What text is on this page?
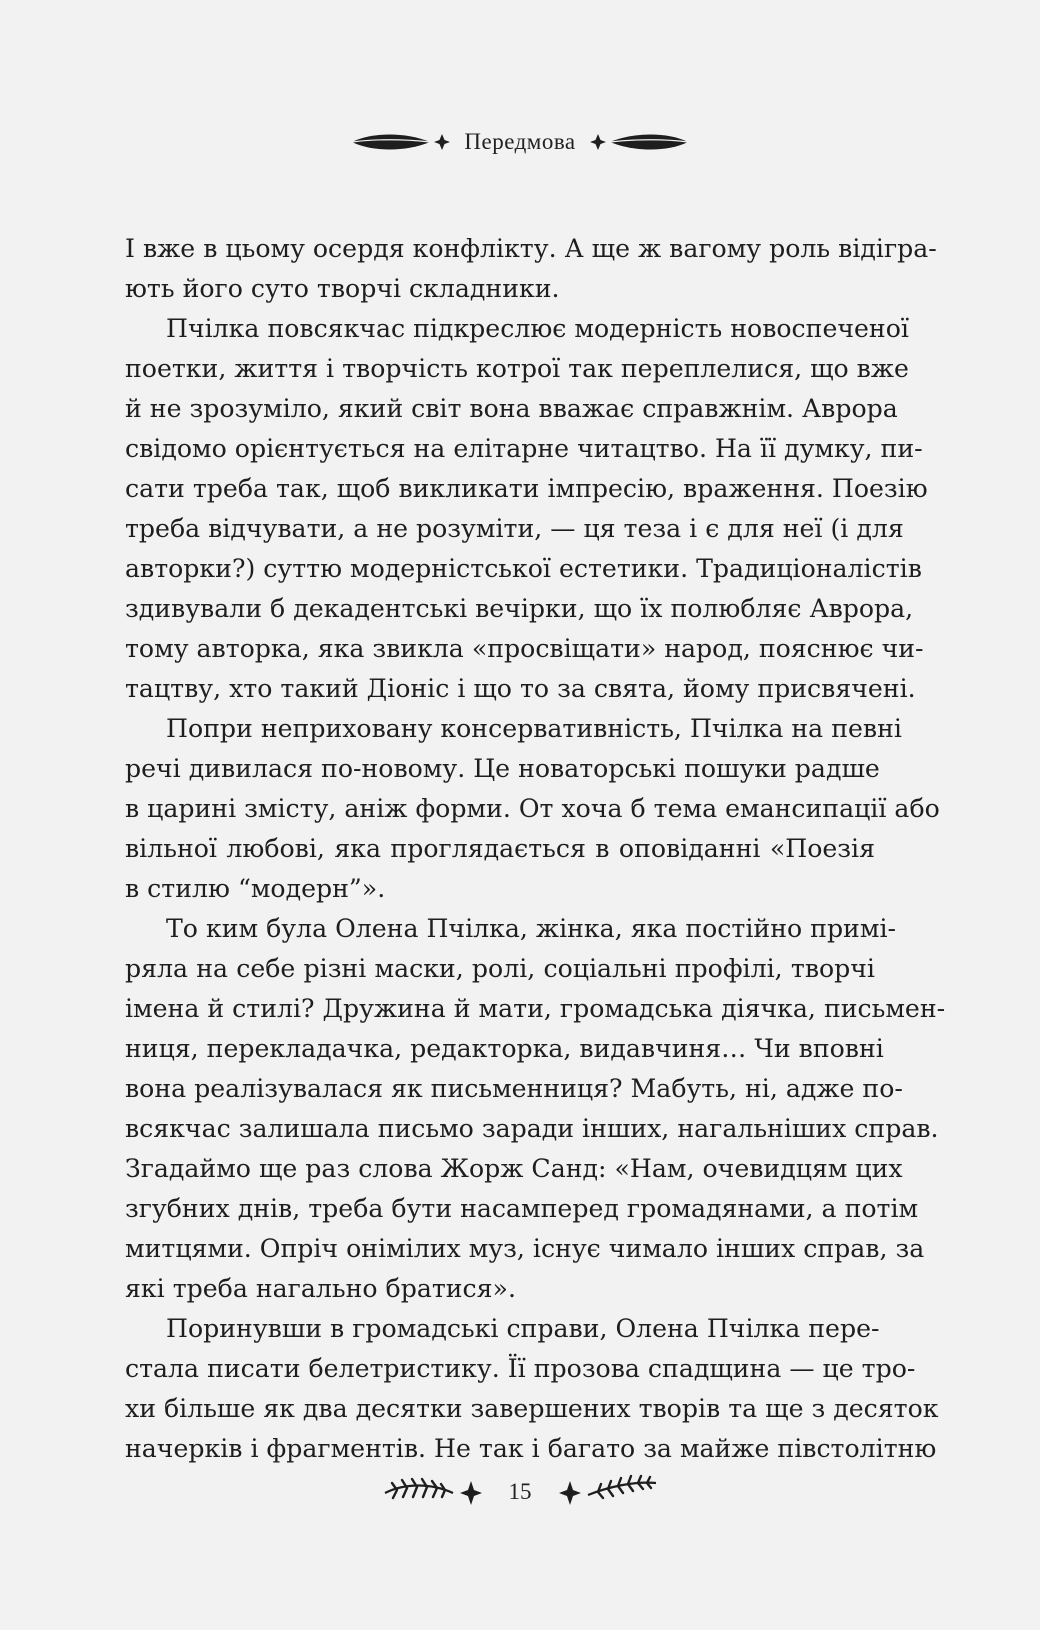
Передмова
І вже в цьому осердя конфлікту. А ще ж вагому роль відігра-
ють його суто творчі складники.
Пчілка повсякчас підкреслює модерність новоспеченої
поетки, життя і творчість котрої так переплелися, що вже
й не зрозуміло, який світ вона вважає справжнім. Аврора
свідомо орієнтується на елітарне читацтво. На її думку, пи-
сати треба так, щоб викликати імпресію, враження. Поезію
треба відчувати, а не розуміти, — ця теза і є для неї (і для
авторки?) суттю модерністської естетики. Традиціоналістів
здивували б декадентські вечірки, що їх полюбляє Аврора,
тому авторка, яка звикла «просвіщати» народ, пояснює чи-
тацтву, хто такий Діоніс і що то за свята, йому присвячені.
Попри неприховану консервативність, Пчілка на певні
речі дивилася по-новому. Це новаторські пошуки радше
в царині змісту, аніж форми. От хоча б тема емансипації або
вільної любові, яка проглядається в оповіданні «Поезія
в стилю “модерн”».
То ким була Олена Пчілка, жінка, яка постійно примі-
ряла на себе різні маски, ролі, соціальні профілі, творчі
імена й стилі? Дружина й мати, громадська діячка, письмен-
ниця, перекладачка, редакторка, видавчиня… Чи вповні
вона реалізувалася як письменниця? Мабуть, ні, адже по-
всякчас залишала письмо заради інших, нагальніших справ.
Згадаймо ще раз слова Жорж Санд: «Нам, очевидцям цих
згубних днів, треба бути насамперед громадянами, а потім
митцями. Опріч онімілих муз, існує чимало інших справ, за
які треба нагально братися».
Поринувши в громадські справи, Олена Пчілка пере-
стала писати белетристику. Її прозова спадщина — це тро-
хи більше як два десятки завершених творів та ще з десяток
начерків і фрагментів. Не так і багато за майже півстолітню
15
